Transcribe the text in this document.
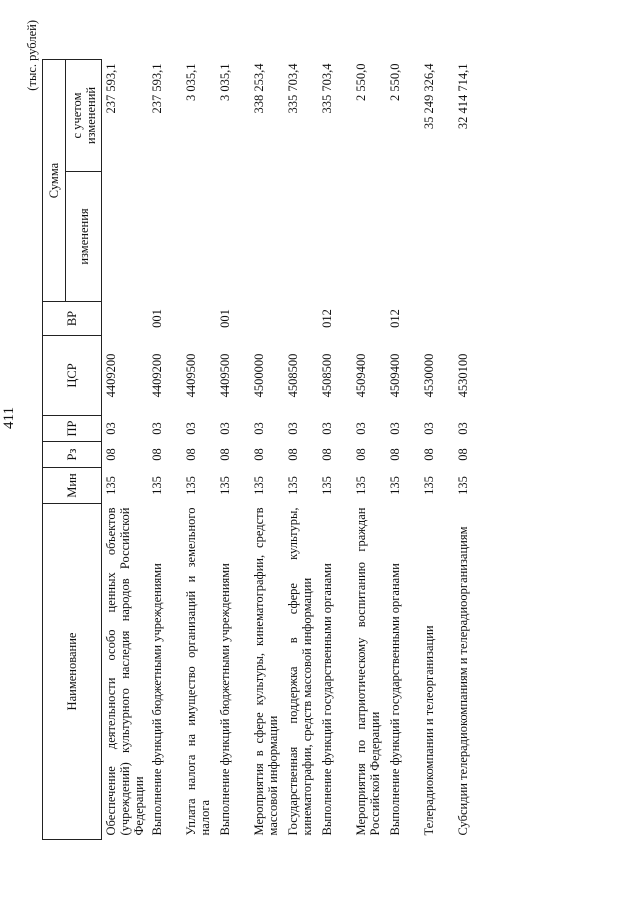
411
(тыс. рублей)
Наименование	Мин	Рз	ПР	ЦСР	ВР	Сумма	
						изменения	с учетом изменений
Обеспечение деятельности особо ценных объектов (учреждений) культурного наследия народов Российской Федерации	135	08	03	4409200			237 593,1
Выполнение функций бюджетными учреждениями	135	08	03	4409200	001		237 593,1
Уплата налога на имущество организаций и земельного налога	135	08	03	4409500			3 035,1
Выполнение функций бюджетными учреждениями	135	08	03	4409500	001		3 035,1
Мероприятия в сфере культуры, кинематографии, средств массовой информации	135	08	03	4500000			338 253,4
Государственная поддержка в сфере культуры, кинематографии, средств массовой информации	135	08	03	4508500			335 703,4
Выполнение функций государственными органами	135	08	03	4508500	012		335 703,4
Мероприятия по патриотическому воспитанию граждан Российской Федерации	135	08	03	4509400			2 550,0
Выполнение функций государственными органами	135	08	03	4509400	012		2 550,0
Телерадиокомпании и телеорганизации	135	08	03	4530000			35 249 326,4
Субсидии телерадиокомпаниям и телерадиоорганизациям	135	08	03	4530100			32 414 714,1
